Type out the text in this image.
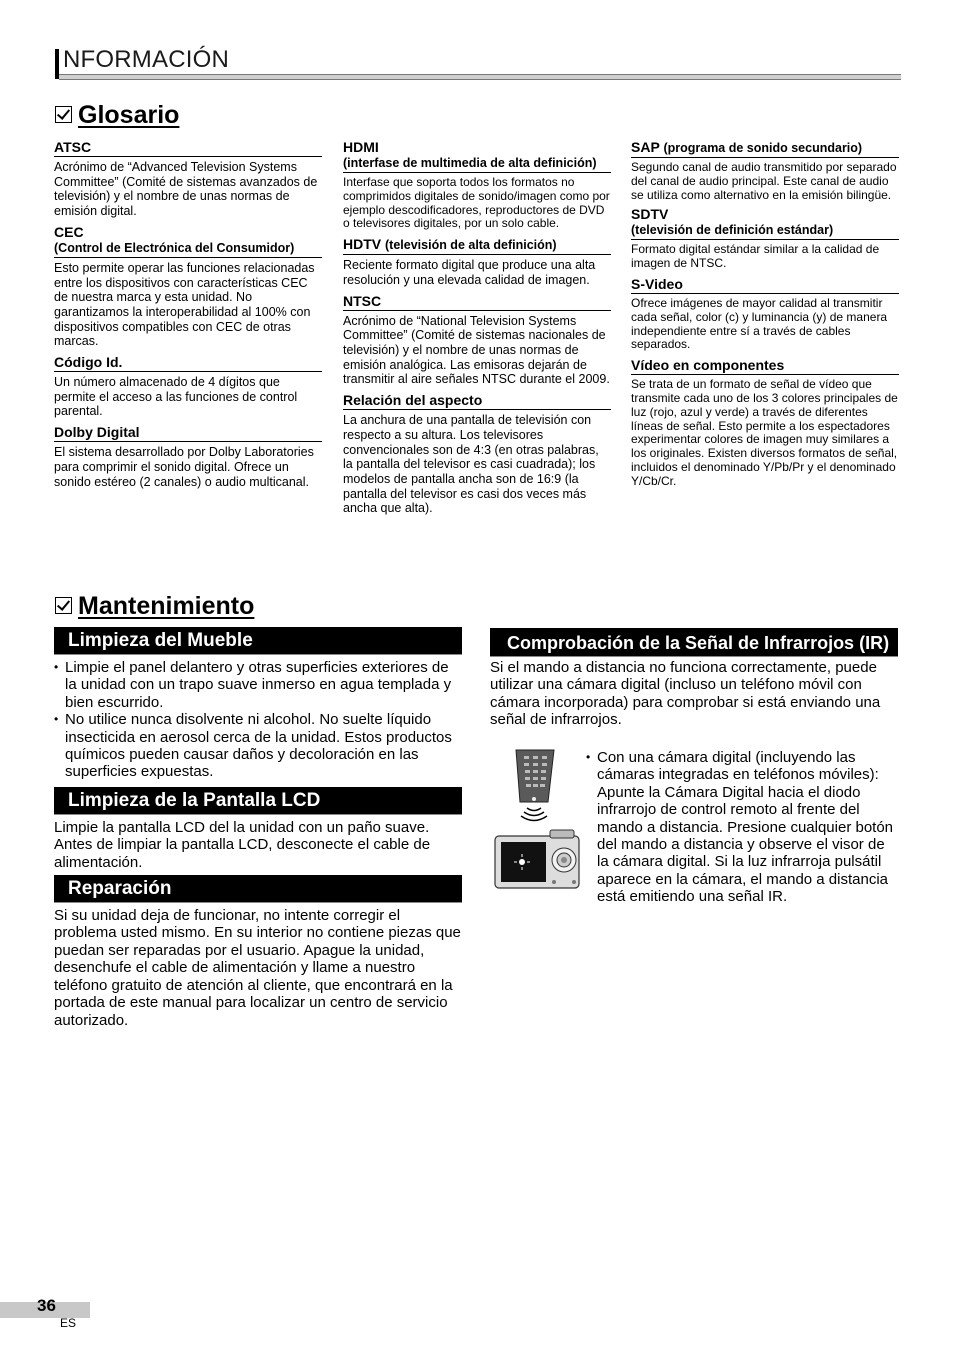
NFORMACIÓN
Glosario
ATSC
Acrónimo de “Advanced Television Systems Committee” (Comité de sistemas avanzados de televisión) y el nombre de unas normas de emisión digital.
CEC
(Control de Electrónica del Consumidor)
Esto permite operar las funciones relacionadas entre los dispositivos con características CEC de nuestra marca y esta unidad. No garantizamos la interoperabilidad al 100% con dispositivos compatibles con CEC de otras marcas.
Código Id.
Un número almacenado de 4 dígitos que permite el acceso a las funciones de control parental.
Dolby Digital
El sistema desarrollado por Dolby Laboratories para comprimir el sonido digital. Ofrece un sonido estéreo (2 canales) o audio multicanal.
HDMI
(interfase de multimedia de alta definición)
Interfase que soporta todos los formatos no comprimidos digitales de sonido/imagen como por ejemplo descodificadores, reproductores de DVD o televisores digitales, por un solo cable.
HDTV (televisión de alta definición)
Reciente formato digital que produce una alta resolución y una elevada calidad de imagen.
NTSC
Acrónimo de “National Television Systems Committee” (Comité de sistemas nacionales de televisión) y el nombre de unas normas de emisión analógica. Las emisoras dejarán de transmitir al aire señales NTSC durante el 2009.
Relación del aspecto
La anchura de una pantalla de televisión con respecto a su altura. Los televisores convencionales son de 4:3 (en otras palabras, la pantalla del televisor es casi cuadrada); los modelos de pantalla ancha son de 16:9 (la pantalla del televisor es casi dos veces más ancha que alta).
SAP (programa de sonido secundario)
Segundo canal de audio transmitido por separado del canal de audio principal. Este canal de audio se utiliza como alternativo en la emisión bilingüe.
SDTV
(televisión de definición estándar)
Formato digital estándar similar a la calidad de imagen de NTSC.
S-Video
Ofrece imágenes de mayor calidad al transmitir cada señal, color (c) y luminancia (y) de manera independiente entre sí a través de cables separados.
Vídeo en componentes
Se trata de un formato de señal de vídeo que transmite cada uno de los 3 colores principales de luz (rojo, azul y verde) a través de diferentes líneas de señal. Esto permite a los espectadores experimentar colores de imagen muy similares a los originales. Existen diversos formatos de señal, incluidos el denominado Y/Pb/Pr y el denominado Y/Cb/Cr.
Mantenimiento
Limpieza del Mueble
• Limpie el panel delantero y otras superficies exteriores de la unidad con un trapo suave inmerso en agua templada y bien escurrido.
• No utilice nunca disolvente ni alcohol. No suelte líquido insecticida en aerosol cerca de la unidad. Estos productos químicos pueden causar daños y decoloración en las superficies expuestas.
Limpieza de la Pantalla LCD
Limpie la pantalla LCD del la unidad con un paño suave. Antes de limpiar la pantalla LCD, desconecte el cable de alimentación.
Reparación
Si su unidad deja de funcionar, no intente corregir el problema usted mismo. En su interior no contiene piezas que puedan ser reparadas por el usuario. Apague la unidad, desenchufe el cable de alimentación y llame a nuestro teléfono gratuito de atención al cliente, que encontrará en la portada de este manual para localizar un centro de servicio autorizado.
Comprobación de la Señal de Infrarrojos (IR)
Si el mando a distancia no funciona correctamente, puede utilizar una cámara digital (incluso un teléfono móvil con cámara incorporada) para comprobar si está enviando una señal de infrarrojos.
• Con una cámara digital (incluyendo las cámaras integradas en teléfonos móviles): Apunte la Cámara Digital hacia el diodo infrarrojo de control remoto al frente del mando a distancia. Presione cualquier botón del mando a distancia y observe el visor de la cámara digital. Si la luz infrarroja pulsátil aparece en la cámara, el mando a distancia está emitiendo una señal IR.
36
ES
